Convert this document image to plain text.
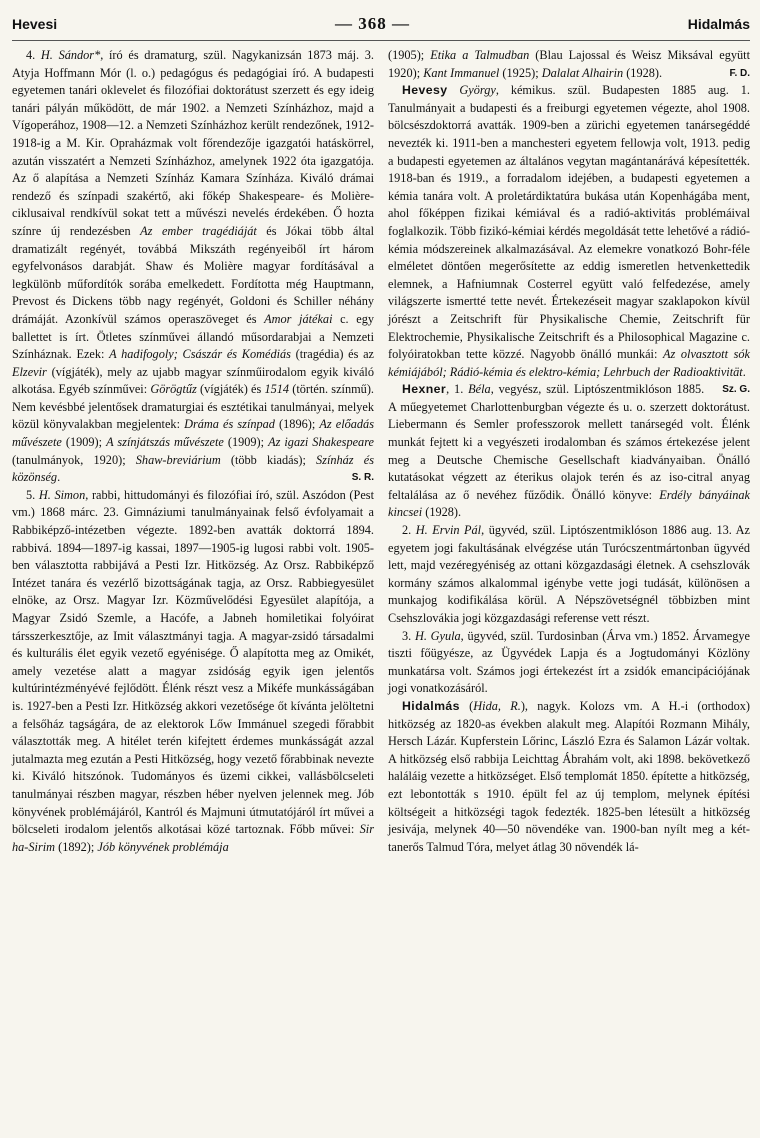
Hevesi	— 368 —	Hidalmás

4. H. Sándor*, író és dramaturg, szül. Nagykanizsán 1873 máj. 3. Atyja Hoffmann Mór (l. o.) pedagógus és pedagógiai író. A budapesti egyetemen tanári oklevelet és filozófiai doktorátust szerzett és egy ideig tanári pályán működött, de már 1902. a Nemzeti Színházhoz, majd a Vígoperához, 1908—12. a Nemzeti Színházhoz került rendezőnek, 1912- 1918-ig a M. Kir. Opraházmak volt főrendezője igazgatói hatáskörrel, azután visszatért a Nemzeti Színházhoz, amelynek 1922 óta igazgatója. Az ő alapítása a Nemzeti Színház Kamara Színháza. Kiváló drámai rendező és színpadi szakértő, aki főkép Shakespeare- és Molière-ciklusaival rendkívül sokat tett a művészi nevelés érdekében. Ő hozta színre új rendezésben Az ember tragédiáját és Jókai több által dramatizált regényét, továbbá Mikszáth regényeiből írt három egyfelvonásos darabját. Shaw és Molière magyar fordításával a legkülönb műfordítók sorába emelkedett. Fordította még Hauptmann, Prevost és Dickens több nagy regényét, Goldoni és Schiller néhány drámáját. Azonkívül számos operaszöveget és Amor játékai c. egy ballettet is írt. Ötletes színművei állandó műsordarabjai a Nemzeti Színháznak. Ezek: A hadifogoly; Császár és Komédiás (tragédia) és az Elzevir (vígjáték), mely az ujabb magyar színműirodalom egyik kiváló alkotása. Egyéb színművei: Görögtűz (vígjáték) és 1514 (történ. színmű). Nem kevésbbé jelentősek dramaturgiai és esztétikai tanulmányai, melyek közül könyvalakban megjelentek: Dráma és színpad (1896); Az előadás művészete (1909); A színjátszás művészete (1909); Az igazi Shakespeare (tanulmányok, 1920); Shaw-breviárium (több kiadás); Színház és közönség.	S. R.

5. H. Simon, rabbi, hittudományi és filozófiai író, szül. Aszódon (Pest vm.) 1868 márc. 23. Gimnáziumi tanulmányainak felső évfolyamait a Rabbiképző-intézetben végezte. 1892-ben avatták doktorrá 1894. rabbivá. 1894—1897-ig kassai, 1897—1905-ig lugosi rabbi volt. 1905-ben választotta rabbijává a Pesti Izr. Hitközség. Az Orsz. Rabbiképző Intézet tanára és vezérlő bizottságának tagja, az Orsz. Rabbiegyesület elnöke, az Orsz. Magyar Izr. Közművelődési Egyesület alapítója, a Magyar Zsidó Szemle, a Hacófe, a Jabneh homiletikai folyóirat társszerkesztője, az Imit választmányi tagja. A magyar-zsidó társadalmi és kulturális élet egyik vezető egyénisége. Ő alapította meg az Omikét, amely vezetése alatt a magyar zsidóság egyik igen jelentős kultúrintézményévé fejlődött. Élénk részt vesz a Mikéfe munkásságában is. 1927-ben a Pesti Izr. Hitközség akkori vezetősége őt kívánta jelöltetni a felsőház tagságára, de az elektorok Lőw Immánuel szegedi főrabbit választották meg. A hitélet terén kifejtett érdemes munkásságát azzal jutalmazta meg ezután a Pesti Hitközség, hogy vezető főrabbinak nevezte ki. Kiváló hitszónok. Tudományos és üzemi cikkei, vallásbölcseleti tanulmányai részben magyar, részben héber nyelven jelennek meg. Jób könyvének problémájáról, Kantról és Majmuni útmutatójáról írt művei a bölcseleti irodalom jelentős alkotásai közé tartoznak. Főbb művei: Sir ha-Sirim (1892); Jób könyvének problémája

(1905); Etika a Talmudban (Blau Lajossal és Weisz Miksával együtt 1920); Kant Immanuel (1925); Dalalat Alhairin (1928).	F. D.

Hevesy György, kémikus. szül. Budapesten 1885 aug. 1. Tanulmányait a budapesti és a freiburgi egyetemen végezte, ahol 1908. bölcsészdoktorrá avatták. 1909-ben a zürichi egyetemen tanársegéddé nevezték ki. 1911-ben a manchesteri egyetem fellowja volt, 1913. pedig a budapesti egyetemen az általános vegytan magántanárává képesítették. 1918-ban és 1919., a forradalom idejében, a budapesti egyetemen a kémia tanára volt. A proletárdiktatúra bukása után Kopenhágába ment, ahol főképpen fizikai kémiával és a radió-aktivitás problémáival foglalkozik. Több fizikó-kémiai kérdés megoldását tette lehetővé a rádió-kémia módszereinek alkalmazásával. Az elemekre vonatkozó Bohr-féle elméletet döntően megerősítette az eddig ismeretlen hetvenkettedik elemnek, a Hafniumnak Costerrel együtt való felfedezése, amely világszerte ismertté tette nevét. Értekezéseit magyar szaklapokon kívül jórészt a Zeitschrift für Physikalische Chemie, Zeitschrift für Elektrochemie, Physikalische Zeitschrift és a Philosophical Magazine c. folyóiratokban tette közzé. Nagyobb önálló munkái: Az olvasztott sók kémiájából; Rádió-kémia és elektro-kémia; Lehrbuch der Radioaktivität.
Sz. G.

Hexner, 1. Béla, vegyész, szül. Liptószentmiklóson 1885. A műegyetemet Charlottenburgban végezte és u. o. szerzett doktorátust. Liebermann és Semler professzorok mellett tanársegéd volt. Élénk munkát fejtett ki a vegyészeti irodalomban és számos értekezése jelent meg a Deutsche Chemische Gesellschaft kiadványaiban. Önálló kutatásokat végzett az éterikus olajok terén és az iso-citral anyag feltalálása az ő nevéhez fűződik. Önálló könyve: Erdély bányáinak kincsei (1928).

2. H. Ervin Pál, ügyvéd, szül. Liptószentmiklóson 1886 aug. 13. Az egyetem jogi fakultásának elvégzése után Turócszentmártonban ügyvéd lett, majd vezéregyéniség az ottani közgazdasági életnek. A csehszlovák kormány számos alkalommal igénybe vette jogi tudását, különösen a munkajog kodifikálása körül. A Népszövetségnél többizben mint Csehszlovákia jogi közgazdasági referense vett részt.

3. H. Gyula, ügyvéd, szül. Turdosinban (Árva vm.) 1852. Árvamegye tiszti főügyésze, az Ügyvédek Lapja és a Jogtudományi Közlöny munkatársa volt. Számos jogi értekezést írt a zsidók emancipációjának jogi vonatkozásáról.

Hidalmás (Hida, R.), nagyk. Kolozs vm. A H.-i (orthodox) hitközség az 1820-as években alakult meg. Alapítói Rozmann Mihály, Hersch Lázár. Kupferstein Lőrinc, László Ezra és Salamon Lázár voltak. A hitközség első rabbija Leichttag Ábrahám volt, aki 1898. bekövetkező haláláig vezette a hitközséget. Első templomát 1850. építette a hitközség, ezt lebontották s 1910. épült fel az új templom, melynek építési költségeit a hitközségi tagok fedezték. 1825-ben létesült a hitközség jesivája, melynek 40—50 növendéke van. 1900-ban nyílt meg a két-tanerős Talmud Tóra, melyet átlag 30 növendék lá-
